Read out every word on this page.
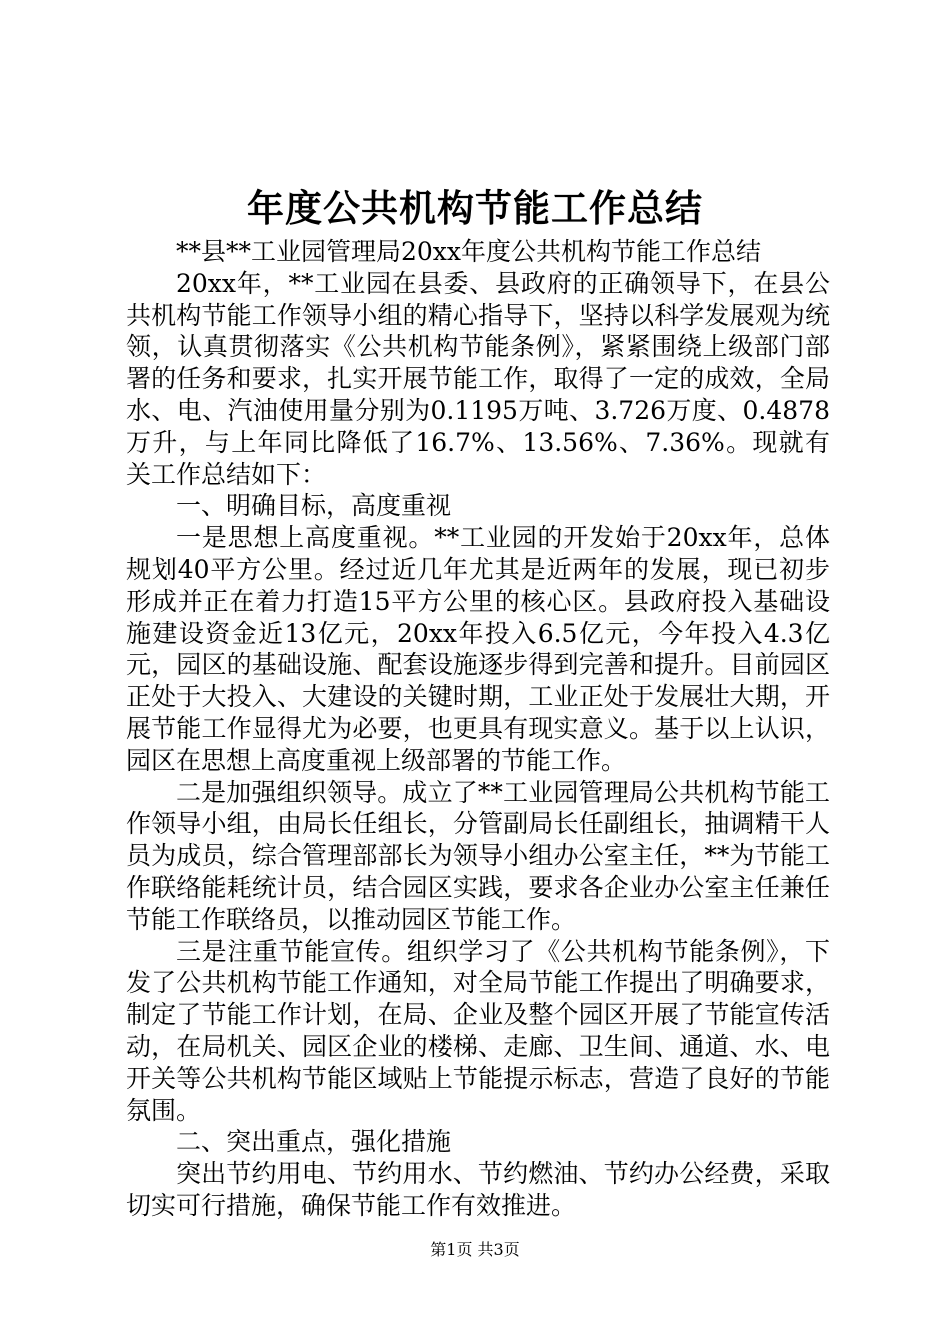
年度公共机构节能工作总结

**县**工业园管理局20xx年度公共机构节能工作总结

20xx年，**工业园在县委、县政府的正确领导下，在县公共机构节能工作领导小组的精心指导下，坚持以科学发展观为统领，认真贯彻落实《公共机构节能条例》，紧紧围绕上级部门部署的任务和要求，扎实开展节能工作，取得了一定的成效，全局水、电、汽油使用量分别为0.1195万吨、3.726万度、0.4878万升，与上年同比降低了16.7%、13.56%、7.36%。现就有关工作总结如下：

一、明确目标，高度重视

一是思想上高度重视。**工业园的开发始于20xx年，总体规划40平方公里。经过近几年尤其是近两年的发展，现已初步形成并正在着力打造15平方公里的核心区。县政府投入基础设施建设资金近13亿元，20xx年投入6.5亿元，今年投入4.3亿元，园区的基础设施、配套设施逐步得到完善和提升。目前园区正处于大投入、大建设的关键时期，工业正处于发展壮大期，开展节能工作显得尤为必要，也更具有现实意义。基于以上认识，园区在思想上高度重视上级部署的节能工作。

二是加强组织领导。成立了**工业园管理局公共机构节能工作领导小组，由局长任组长，分管副局长任副组长，抽调精干人员为成员，综合管理部部长为领导小组办公室主任，**为节能工作联络能耗统计员，结合园区实践，要求各企业办公室主任兼任节能工作联络员，以推动园区节能工作。

三是注重节能宣传。组织学习了《公共机构节能条例》，下发了公共机构节能工作通知，对全局节能工作提出了明确要求，制定了节能工作计划，在局、企业及整个园区开展了节能宣传活动，在局机关、园区企业的楼梯、走廊、卫生间、通道、水、电开关等公共机构节能区域贴上节能提示标志，营造了良好的节能氛围。

二、突出重点，强化措施

突出节约用电、节约用水、节约燃油、节约办公经费，采取切实可行措施，确保节能工作有效推进。

第1页 共3页
